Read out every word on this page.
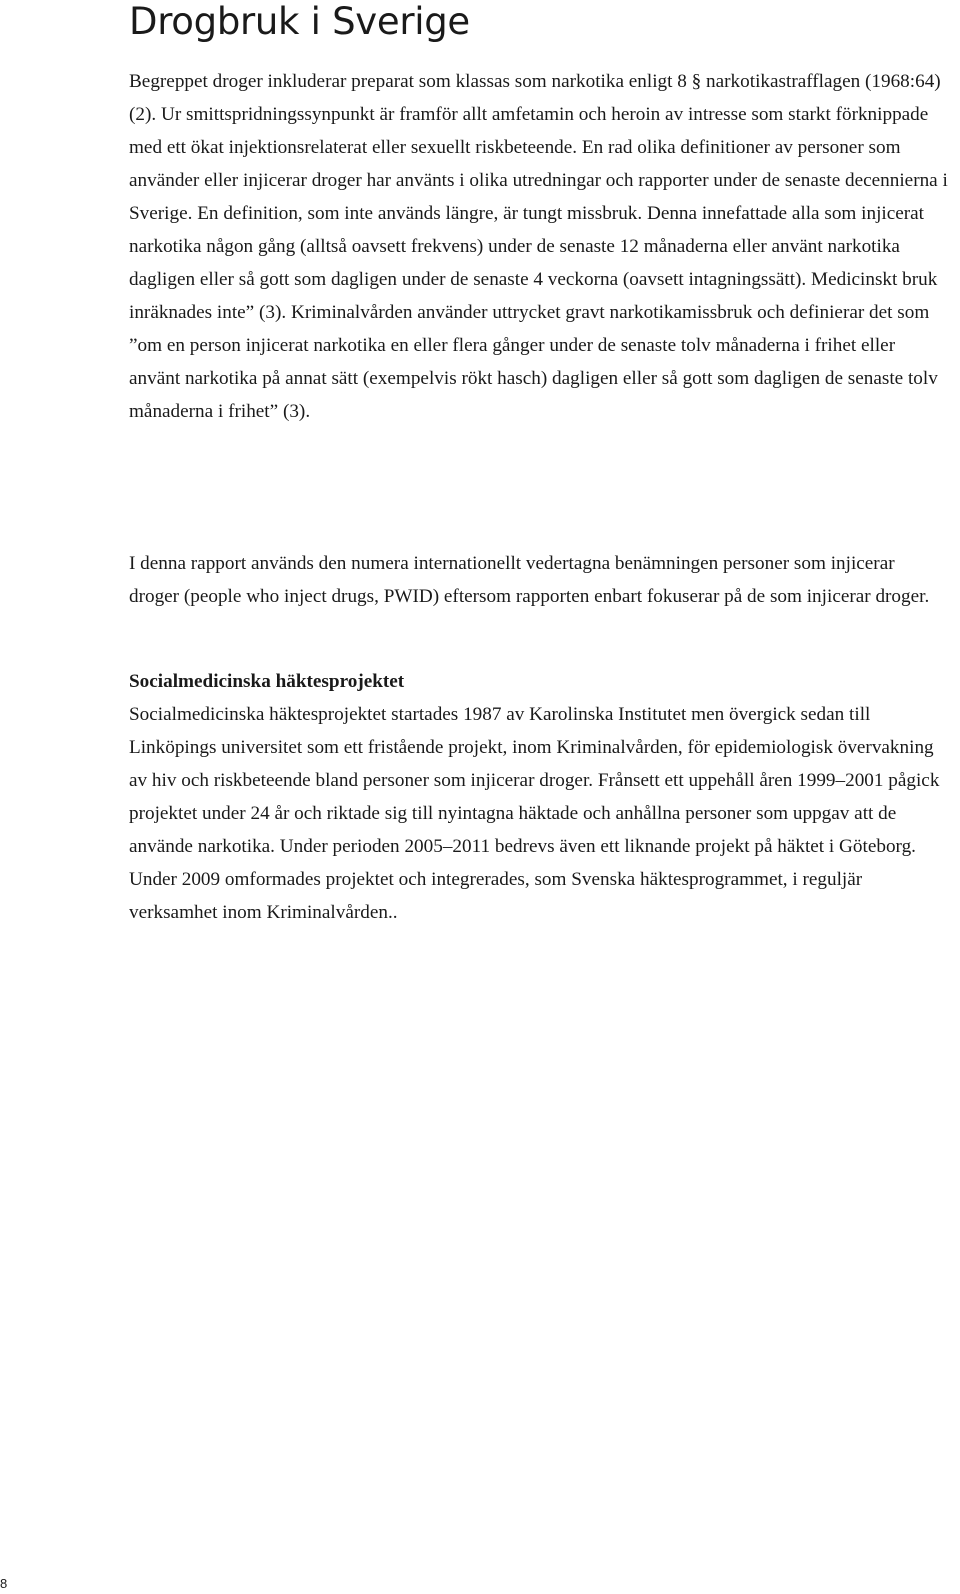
Drogbruk i Sverige

Begreppet droger inkluderar preparat som klassas som narkotika enligt 8 § narkotikastrafflagen (1968:64) (2). Ur smittspridningssynpunkt är framför allt amfetamin och heroin av intresse som starkt förknippade med ett ökat injektionsrelaterat eller sexuellt riskbeteende. En rad olika definitioner av personer som använder eller injicerar droger har använts i olika utredningar och rapporter under de senaste decennierna i Sverige. En definition, som inte används längre, är tungt missbruk. Denna innefattade alla som injicerat narkotika någon gång (alltså oavsett frekvens) under de senaste 12 månaderna eller använt narkotika dagligen eller så gott som dagligen under de senaste 4 veckorna (oavsett intagningssätt). Medicinskt bruk inräknades inte” (3). Kriminalvården använder uttrycket gravt narkotikamissbruk och definierar det som ”om en person injicerat narkotika en eller flera gånger under de senaste tolv månaderna i frihet eller använt narkotika på annat sätt (exempelvis rökt hasch) dagligen eller så gott som dagligen de senaste tolv månaderna i frihet” (3).

I denna rapport används den numera internationellt vedertagna benämningen personer som injicerar droger (people who inject drugs, PWID) eftersom rapporten enbart fokuserar på de som injicerar droger.

Socialmedicinska häktesprojektet

Socialmedicinska häktesprojektet startades 1987 av Karolinska Institutet men övergick sedan till Linköpings universitet som ett fristående projekt, inom Kriminalvården, för epidemiologisk övervakning av hiv och riskbeteende bland personer som injicerar droger. Frånsett ett uppehåll åren 1999–2001 pågick projektet under 24 år och riktade sig till nyintagna häktade och anhållna personer som uppgav att de använde narkotika. Under perioden 2005–2011 bedrevs även ett liknande projekt på häktet i Göteborg. Under 2009 omformades projektet och integrerades, som Svenska häktesprogrammet, i reguljär verksamhet inom Kriminalvården..

8
